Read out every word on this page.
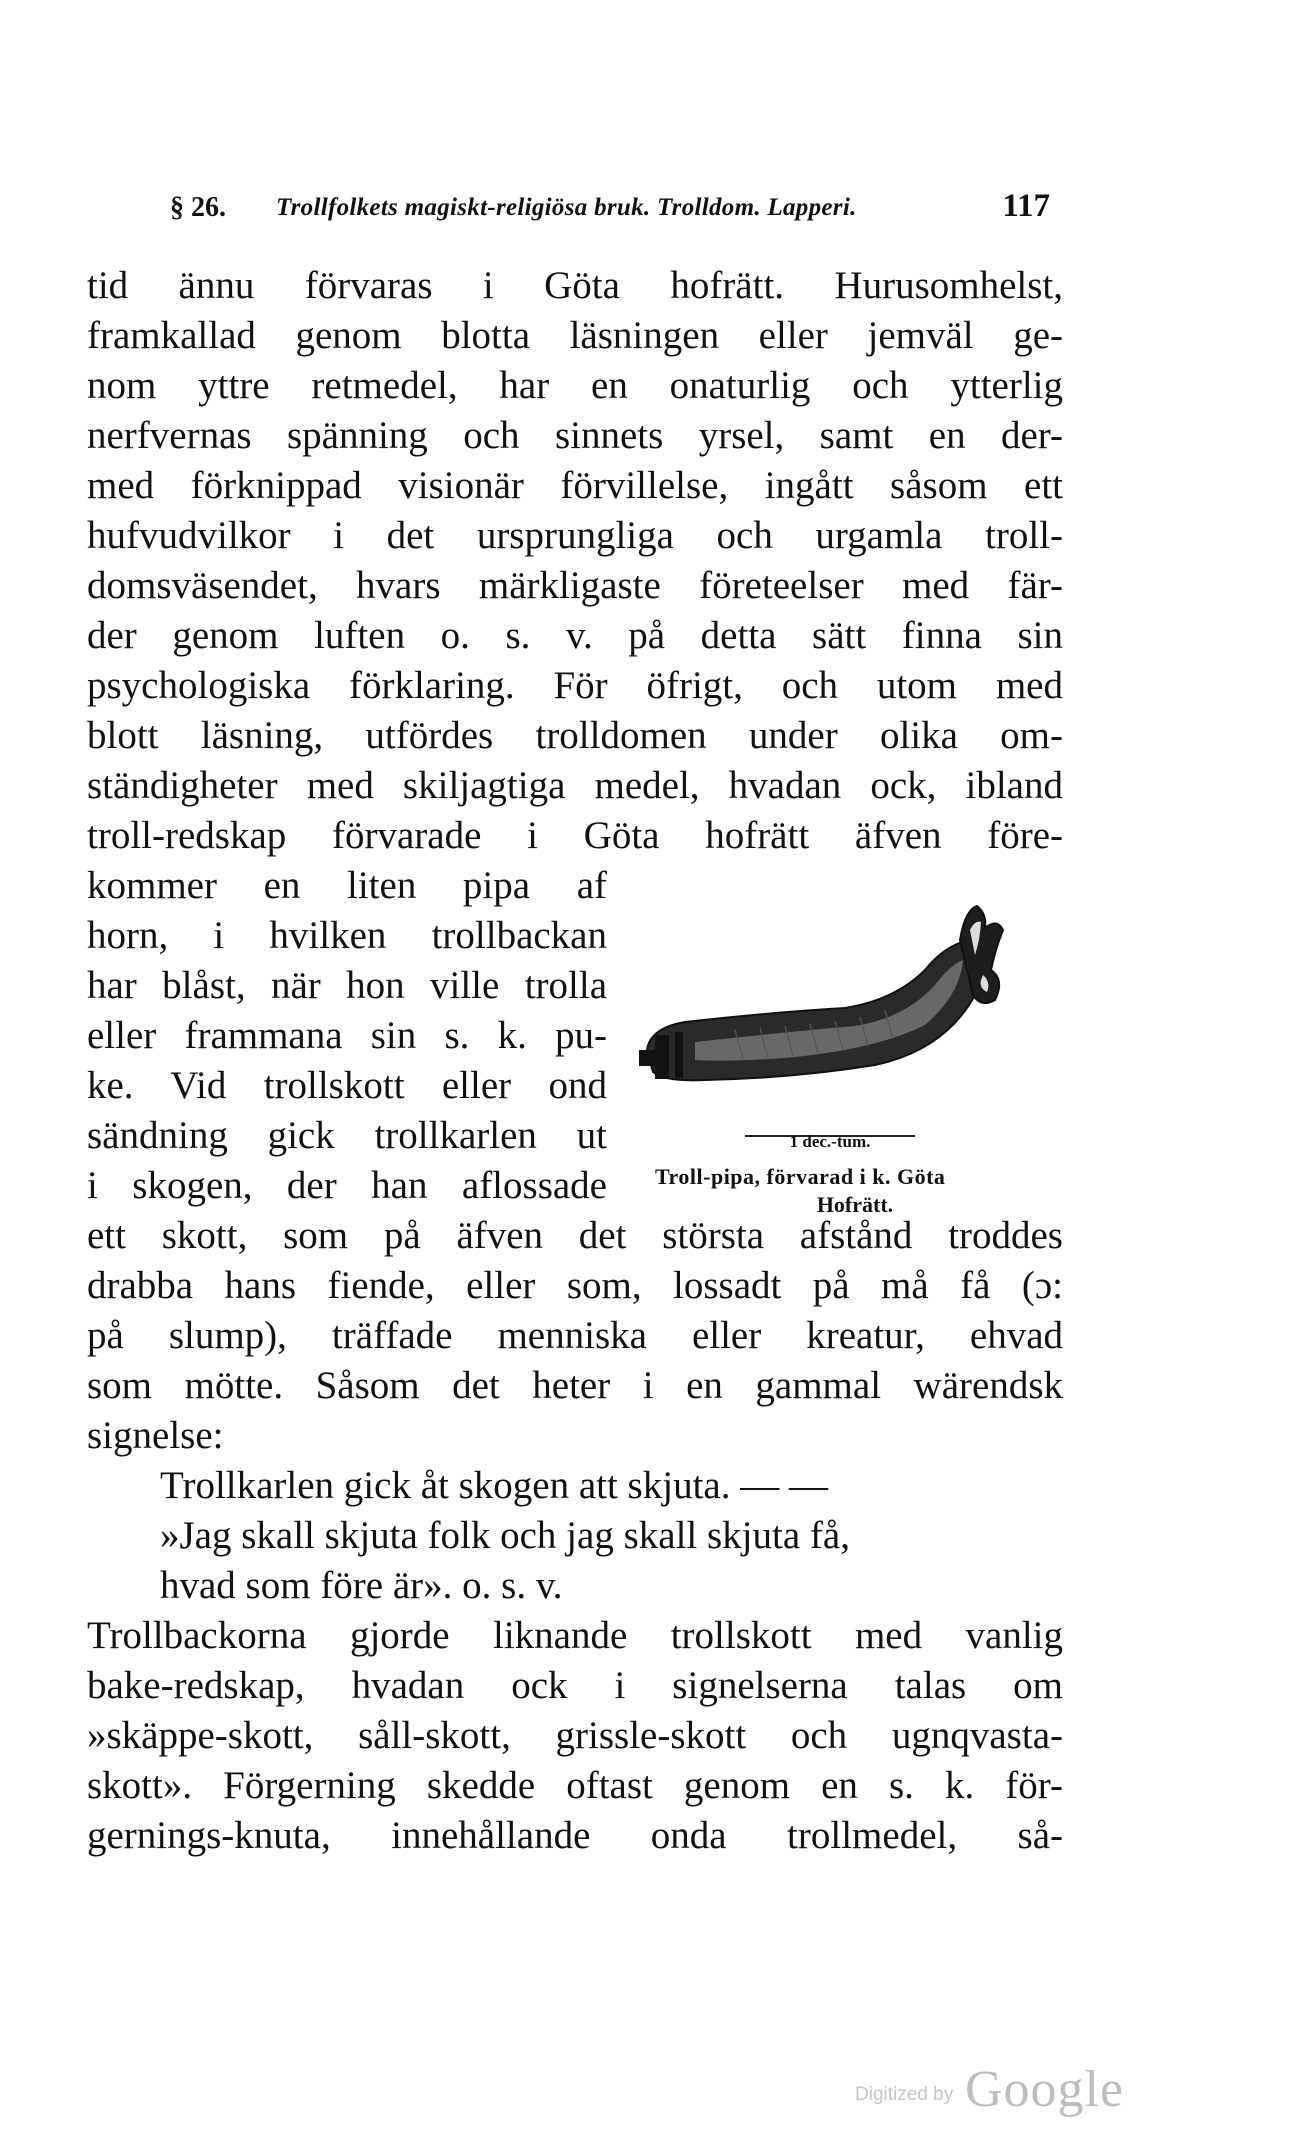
§ 26. Trollfolkets magiskt-religiösa bruk. Trolldom. Lapperi.	117
tid ännu förvaras i Göta hofrätt. Hurusomhelst,
framkallad genom blotta läsningen eller jemväl ge-
nom yttre retmedel, har en onaturlig och ytterlig
nerfvernas spänning och sinnets yrsel, samt en der-
med förknippad visionär förvillelse, ingått såsom ett
hufvudvilkor i det ursprungliga och urgamla troll-
domsväsendet, hvars märkligaste företeelser med fär-
der genom luften o. s. v. på detta sätt finna sin
psychologiska förklaring. För öfrigt, och utom med
blott läsning, utfördes trolldomen under olika om-
ständigheter med skiljagtiga medel, hvadan ock, ibland
troll-redskap förvarade i Göta hofrätt äfven före-
kommer en liten pipa af
horn, i hvilken trollbackan
har blåst, när hon ville trolla
eller frammana sin s. k. pu-
ke. Vid trollskott eller ond
sändning gick trollkarlen ut
i skogen, der han aflossade
ett skott, som på äfven det största afstånd troddes
drabba hans fiende, eller som, lossadt på må få (ɔ:
på slump), träffade menniska eller kreatur, ehvad
som mötte. Såsom det heter i en gammal wärendsk
signelse:
Trollkarlen gick åt skogen att skjuta. — —
»Jag skall skjuta folk och jag skall skjuta få,
hvad som före är». o. s. v.
Trollbackorna gjorde liknande trollskott med vanlig
bake-redskap, hvadan ock i signelserna talas om
»skäppe-skott, såll-skott, grissle-skott och ugnqvasta-
skott». Förgerning skedde oftast genom en s. k. för-
gernings-knuta, innehållande onda trollmedel, så-
1 dec.-tum.
Troll-pipa, förvarad i k. Göta
Hofrätt.
Digitized by Google
